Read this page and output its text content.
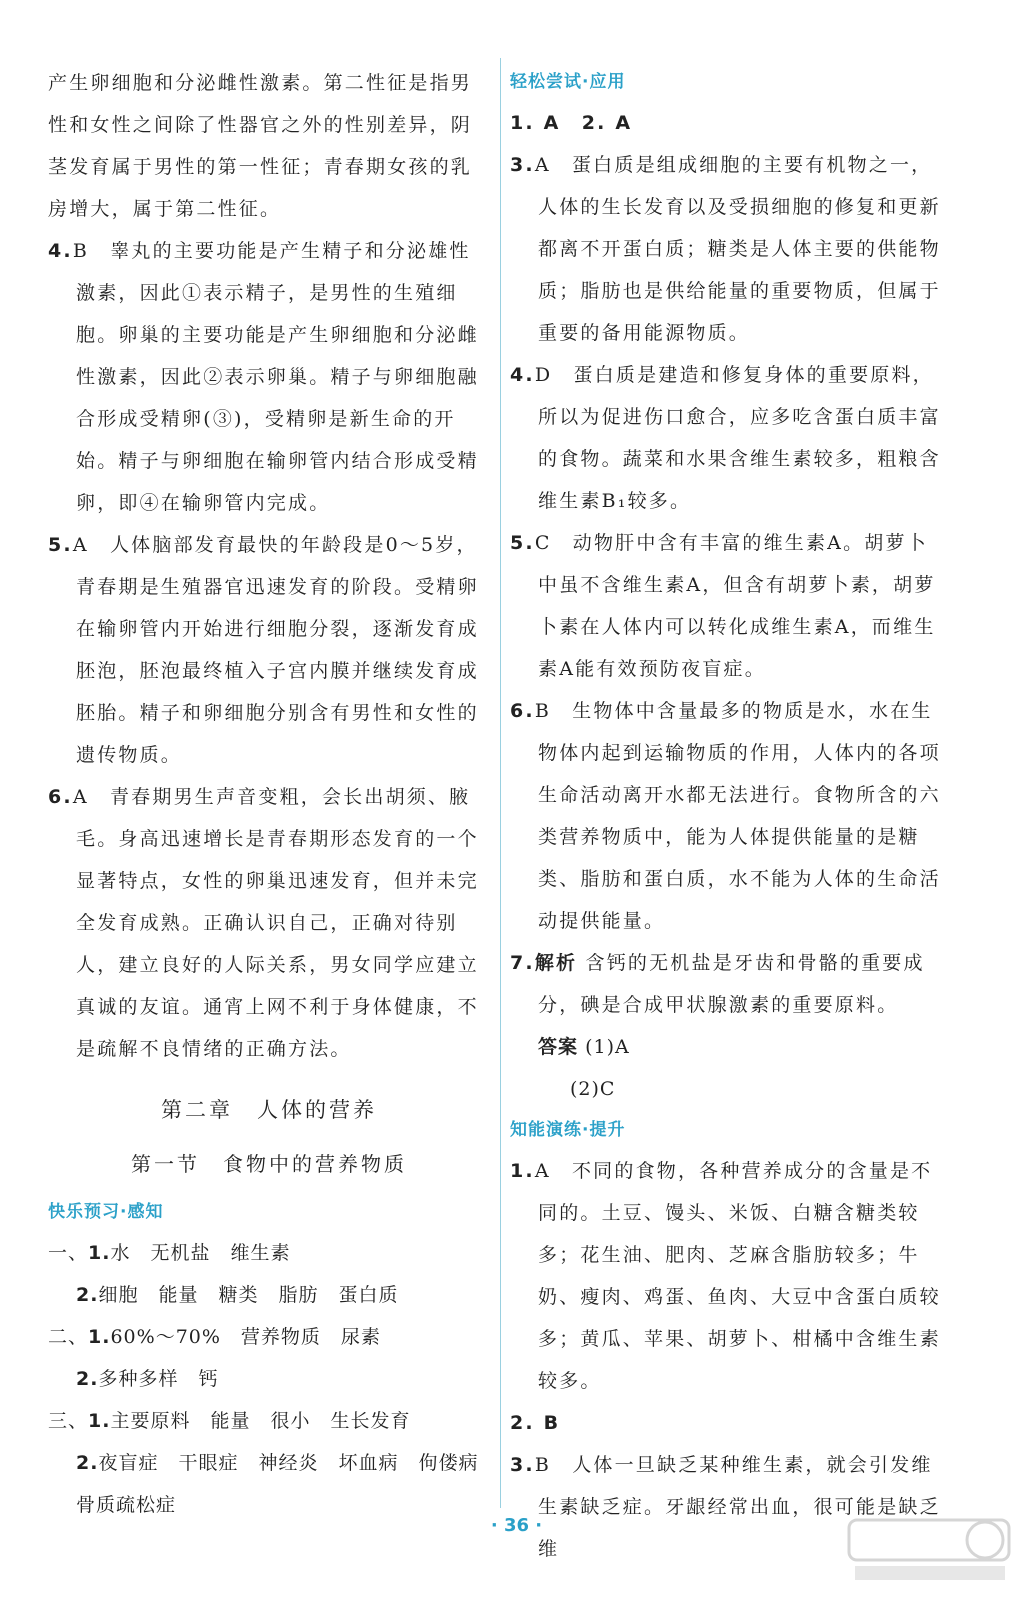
产生卵细胞和分泌雌性激素。第二性征是指男性和女性之间除了性器官之外的性别差异，阴茎发育属于男性的第一性征；青春期女孩的乳房增大，属于第二性征。

4.B　睾丸的主要功能是产生精子和分泌雄性激素，因此①表示精子，是男性的生殖细胞。卵巢的主要功能是产生卵细胞和分泌雌性激素，因此②表示卵巢。精子与卵细胞融合形成受精卵(③)，受精卵是新生命的开始。精子与卵细胞在输卵管内结合形成受精卵，即④在输卵管内完成。

5.A　人体脑部发育最快的年龄段是0～5岁，青春期是生殖器官迅速发育的阶段。受精卵在输卵管内开始进行细胞分裂，逐渐发育成胚泡，胚泡最终植入子宫内膜并继续发育成胚胎。精子和卵细胞分别含有男性和女性的遗传物质。

6.A　青春期男生声音变粗，会长出胡须、腋毛。身高迅速增长是青春期形态发育的一个显著特点，女性的卵巢迅速发育，但并未完全发育成熟。正确认识自己，正确对待别人，建立良好的人际关系，男女同学应建立真诚的友谊。通宵上网不利于身体健康，不是疏解不良情绪的正确方法。

第二章　人体的营养
第一节　食物中的营养物质

快乐预习·感知

一、1.水　无机盐　维生素

2.细胞　能量　糖类　脂肪　蛋白质

二、1.60%～70%　营养物质　尿素

2.多种多样　钙

三、1.主要原料　能量　很小　生长发育

2.夜盲症　干眼症　神经炎　坏血病　佝偻病

骨质疏松症

轻松尝试·应用

1. A　2. A

3.A　蛋白质是组成细胞的主要有机物之一，人体的生长发育以及受损细胞的修复和更新都离不开蛋白质；糖类是人体主要的供能物质；脂肪也是供给能量的重要物质，但属于重要的备用能源物质。

4.D　蛋白质是建造和修复身体的重要原料，所以为促进伤口愈合，应多吃含蛋白质丰富的食物。蔬菜和水果含维生素较多，粗粮含维生素B₁较多。

5.C　动物肝中含有丰富的维生素A。胡萝卜中虽不含维生素A，但含有胡萝卜素，胡萝卜素在人体内可以转化成维生素A，而维生素A能有效预防夜盲症。

6.B　生物体中含量最多的物质是水，水在生物体内起到运输物质的作用，人体内的各项生命活动离开水都无法进行。食物所含的六类营养物质中，能为人体提供能量的是糖类、脂肪和蛋白质，水不能为人体的生命活动提供能量。

7.解析 含钙的无机盐是牙齿和骨骼的重要成分，碘是合成甲状腺激素的重要原料。

答案 (1)A

(2)C

知能演练·提升

1.A　不同的食物，各种营养成分的含量是不同的。土豆、馒头、米饭、白糖含糖类较多；花生油、肥肉、芝麻含脂肪较多；牛奶、瘦肉、鸡蛋、鱼肉、大豆中含蛋白质较多；黄瓜、苹果、胡萝卜、柑橘中含维生素较多。

2. B

3.B　人体一旦缺乏某种维生素，就会引发维生素缺乏症。牙龈经常出血，很可能是缺乏维

· 36 ·
